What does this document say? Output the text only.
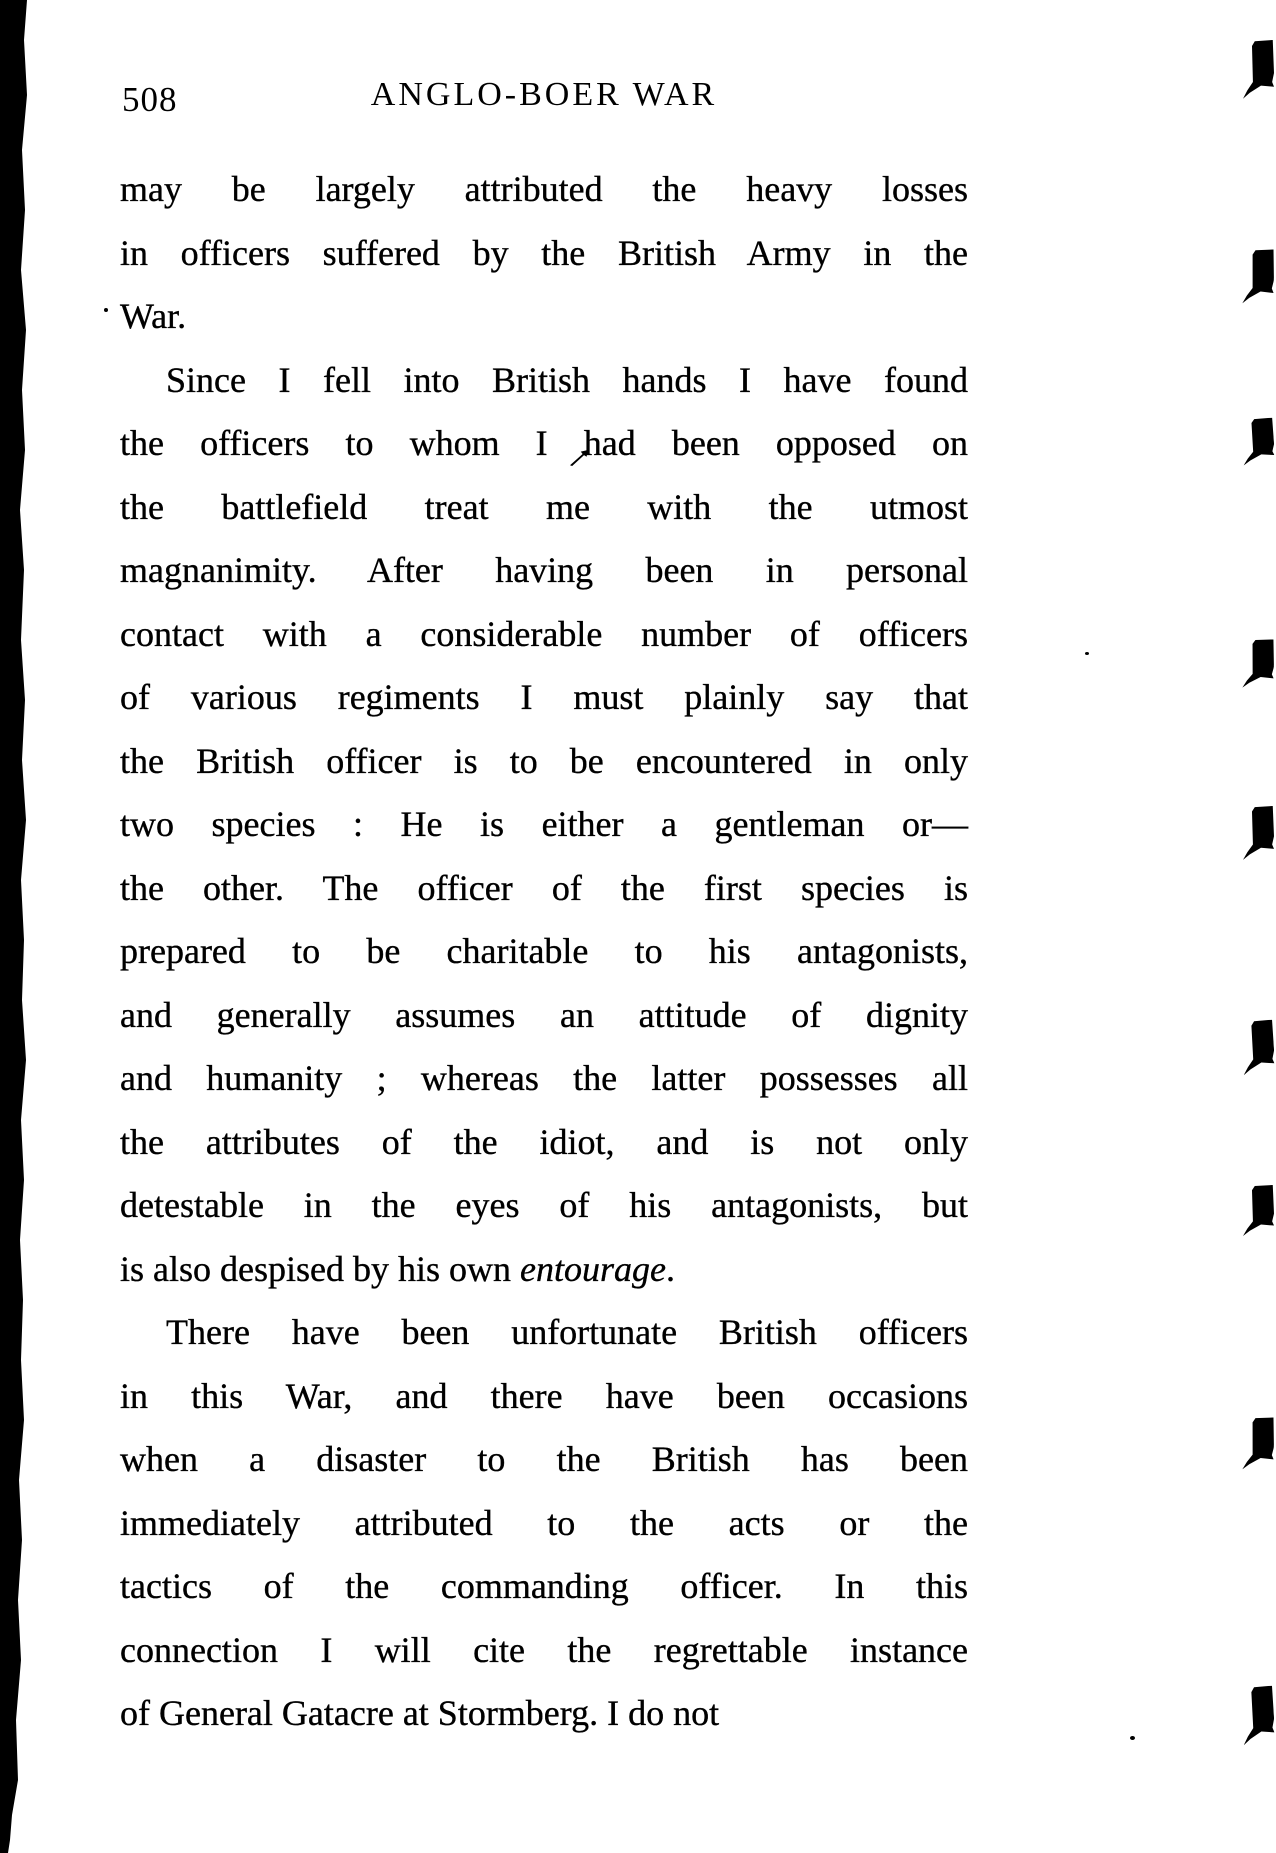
508	ANGLO-BOER WAR
may be largely attributed the heavy losses
in officers suffered by the British Army in the
War.
Since I fell into British hands I have found
the officers to whom I had been opposed on
the battlefield treat me with the utmost
magnanimity. After having been in personal
contact with a considerable number of officers
of various regiments I must plainly say that
the British officer is to be encountered in only
two species : He is either a gentleman or—
the other. The officer of the first species is
prepared to be charitable to his antagonists,
and generally assumes an attitude of dignity
and humanity ; whereas the latter possesses all
the attributes of the idiot, and is not only
detestable in the eyes of his antagonists, but
is also despised by his own entourage.
There have been unfortunate British officers
in this War, and there have been occasions
when a disaster to the British has been
immediately attributed to the acts or the
tactics of the commanding officer. In this
connection I will cite the regrettable instance
of General Gatacre at Stormberg. I do not
